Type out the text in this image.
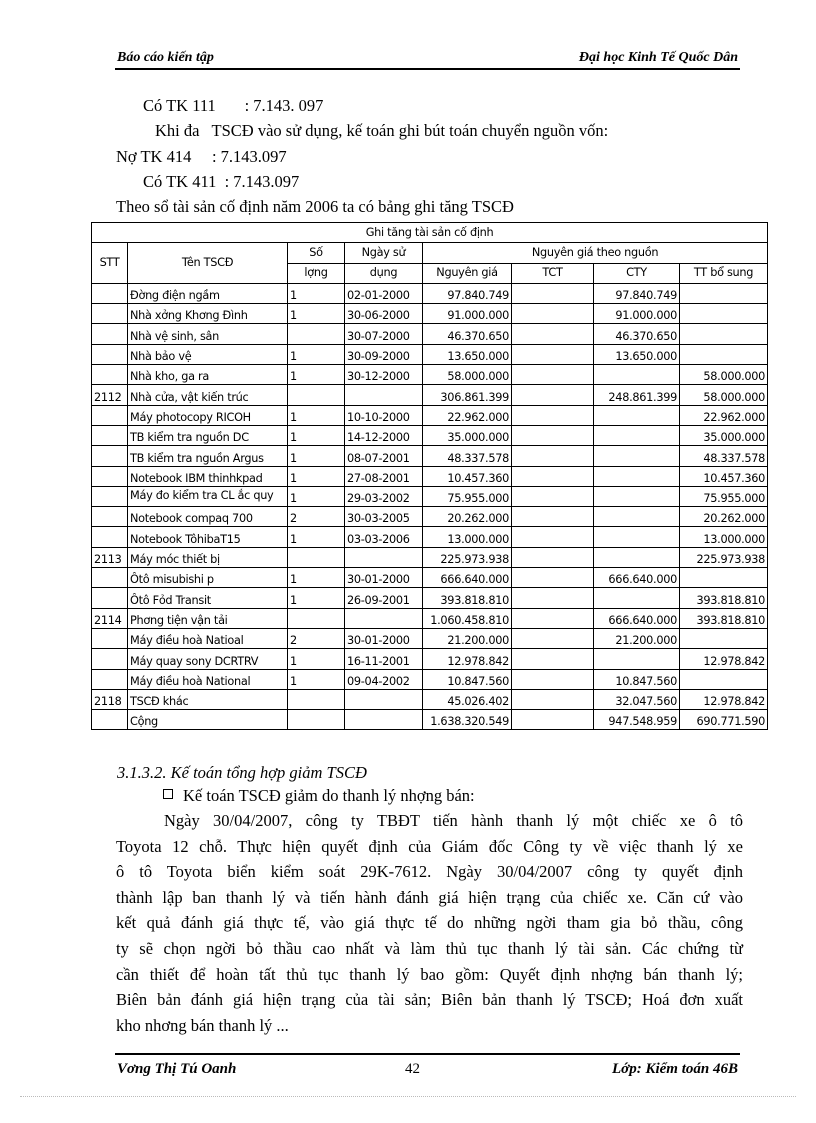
Báo cáo kiến tập	Đại học Kinh Tế Quốc Dân
Có TK 111       : 7.143. 097
Khi đa   TSCĐ vào sử dụng, kế toán ghi bút toán chuyển nguồn vốn:
Nợ TK 414     : 7.143.097
Có TK 411  : 7.143.097
Theo sổ tài sản cố định năm 2006 ta có bảng ghi tăng TSCĐ
Ghi tăng tài sản cố định							
STT	Tên TSCĐ	Số	Ngày sử	Nguyên giá theo nguồn			
		lợng	dụng	Nguyên giá	TCT	CTY	TT bổ sung
	Đờng điện ngầm	1	02-01-2000	97.840.749		97.840.749	
	Nhà xởng Khơng Đình	1	30-06-2000	91.000.000		91.000.000	
	Nhà vệ sinh, sân		30-07-2000	46.370.650		46.370.650	
	Nhà bảo vệ	1	30-09-2000	13.650.000		13.650.000	
	Nhà kho, ga ra	1	30-12-2000	58.000.000			58.000.000
2112	Nhà cửa, vật kiến trúc			306.861.399		248.861.399	58.000.000
	Máy photocopy RICOH	1	10-10-2000	22.962.000			22.962.000
	TB kiểm tra nguồn DC	1	14-12-2000	35.000.000			35.000.000
	TB kiểm tra nguồn Argus	1	08-07-2001	48.337.578			48.337.578
	Notebook IBM thinhkpad	1	27-08-2001	10.457.360			10.457.360
	Máy đo kiểm tra CL ắc quy	1	29-03-2002	75.955.000			75.955.000
	Notebook compaq 700	2	30-03-2005	20.262.000			20.262.000
	Notebook TôhibaT15	1	03-03-2006	13.000.000			13.000.000
2113	Máy móc thiết bị			225.973.938			225.973.938
	Ôtô misubishi p	1	30-01-2000	666.640.000		666.640.000	
	Ôtô Fỏd Transit	1	26-09-2001	393.818.810			393.818.810
2114	Phơng tiện vận tải			1.060.458.810		666.640.000	393.818.810
	Máy điều hoà Natioal	2	30-01-2000	21.200.000		21.200.000	
	Máy quay sony DCRTRV	1	16-11-2001	12.978.842			12.978.842
	Máy điều hoà National	1	09-04-2002	10.847.560		10.847.560	
2118	TSCĐ khác			45.026.402		32.047.560	12.978.842
	Cộng			1.638.320.549		947.548.959	690.771.590
3.1.3.2. Kế toán tổng hợp giảm TSCĐ
Kế toán TSCĐ giảm do thanh lý nhợng bán:
Ngày 30/04/2007, công ty TBĐT tiến hành thanh lý một chiếc xe ô tô
Toyota 12 chỗ. Thực hiện quyết định của Giám đốc Công ty về việc thanh lý xe
ô tô Toyota biển kiểm soát 29K-7612. Ngày 30/04/2007 công ty quyết định
thành lập ban thanh lý và tiến hành đánh giá hiện trạng của chiếc xe. Căn cứ vào
kết quả đánh giá thực tế, vào giá thực tế do những ngời tham gia bỏ thầu, công
ty sẽ chọn ngời bỏ thầu cao nhất và làm thủ tục thanh lý tài sản. Các chứng từ
cần thiết để hoàn tất thủ tục thanh lý bao gồm: Quyết định nhợng bán thanh lý;
Biên bản đánh giá hiện trạng của tài sản; Biên bản thanh lý TSCĐ; Hoá đơn xuất
kho nhơng bán thanh lý ...
Vơng Thị Tú Oanh	42	Lớp: Kiểm toán 46B
